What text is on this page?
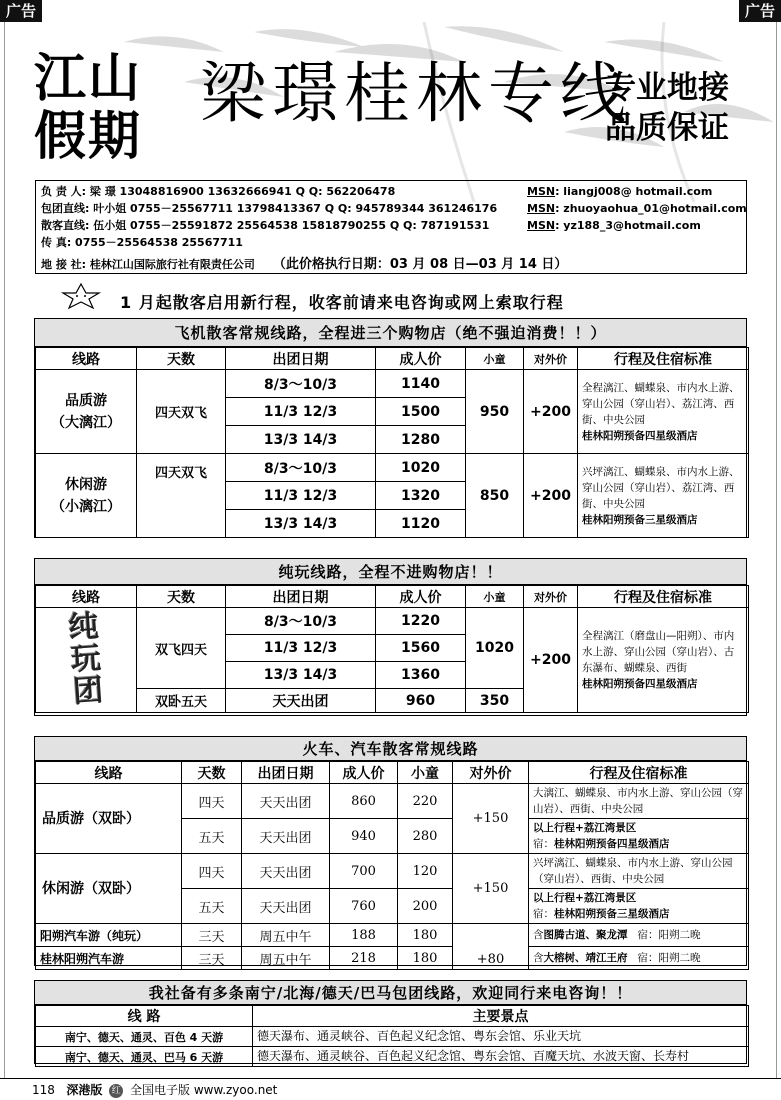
广告	广告
江山
假期
梁璟桂林专线
专业地接
品质保证
负 责 人: 梁 璟 13048816900 13632666941 Q Q: 562206478
包团直线: 叶小姐 0755－25567711 13798413367 Q Q: 945789344 361246176
散客直线: 伍小姐 0755－25591872 25564538 15818790255 Q Q: 787191531
传 真: 0755－25564538 25567711
地 接 社: 桂林江山国际旅行社有限责任公司 （此价格执行日期：03 月 08 日—03 月 14 日）
MSN: liangj008@ hotmail.com
MSN: zhuoyaohua_01@hotmail.com
MSN: yz188_3@hotmail.com
1 月起散客启用新行程，收客前请来电咨询或网上索取行程
飞机散客常规线路，全程进三个购物店（绝不强迫消费！！）
线路	天数	出团日期	成人价	小童	对外价	行程及住宿标准
品质游
（大漓江）	四天双飞	8/3～10/3	1140	950	+200	全程漓江、蝴蝶泉、市内水上游、穿山公园（穿山岩）、荔江湾、西街、中央公园
桂林阳朔预备四星级酒店
		11/3 12/3	1500			
		13/3 14/3	1280			
休闲游
（小漓江）	四天双飞	8/3～10/3	1020	850	+200	兴坪漓江、蝴蝶泉、市内水上游、穿山公园（穿山岩）、荔江湾、西街、中央公园
桂林阳朔预备三星级酒店
		11/3 12/3	1320			
		13/3 14/3	1120			
纯玩线路，全程不进购物店！！
线路	天数	出团日期	成人价	小童	对外价	行程及住宿标准

纯玩团	双飞四天	8/3～10/3	1220	1020	+200	全程漓江（磨盘山—阳朔）、市内水上游、穿山公园（穿山岩）、古东瀑布、蝴蝶泉、西街
桂林阳朔预备四星级酒店
		11/3 12/3	1560			
		13/3 14/3	1360			
	双卧五天	天天出团	960	350		
火车、汽车散客常规线路
线路	天数	出团日期	成人价	小童	对外价	行程及住宿标准
品质游（双卧）	四天	天天出团	860	220	+150	大漓江、蝴蝶泉、市内水上游、穿山公园（穿山岩）、西街、中央公园
	五天	天天出团	940	280		以上行程+荔江湾景区
宿：桂林阳朔预备四星级酒店
休闲游（双卧）	四天	天天出团	700	120	+150	兴坪漓江、蝴蝶泉、市内水上游、穿山公园（穿山岩）、西街、中央公园
	五天	天天出团	760	200		以上行程+荔江湾景区
宿：桂林阳朔预备三星级酒店
阳朔汽车游（纯玩）	三天	周五中午	188	180	+80	含图腾古道、聚龙潭 宿：阳朔二晚
桂林阳朔汽车游	三天	周五中午	218	180		含大榕树、靖江王府 宿：阳朔二晚
我社备有多条南宁/北海/德天/巴马包团线路，欢迎同行来电咨询！！
线 路	主要景点
南宁、德天、通灵、百色 4 天游	德天瀑布、通灵峡谷、百色起义纪念馆、粤东会馆、乐业天坑
南宁、德天、通灵、巴马 6 天游	德天瀑布、通灵峡谷、百色起义纪念馆、粤东会馆、百魔天坑、水波天窗、长寿村
118 深港版 红 全国电子版 www.zyoo.net
